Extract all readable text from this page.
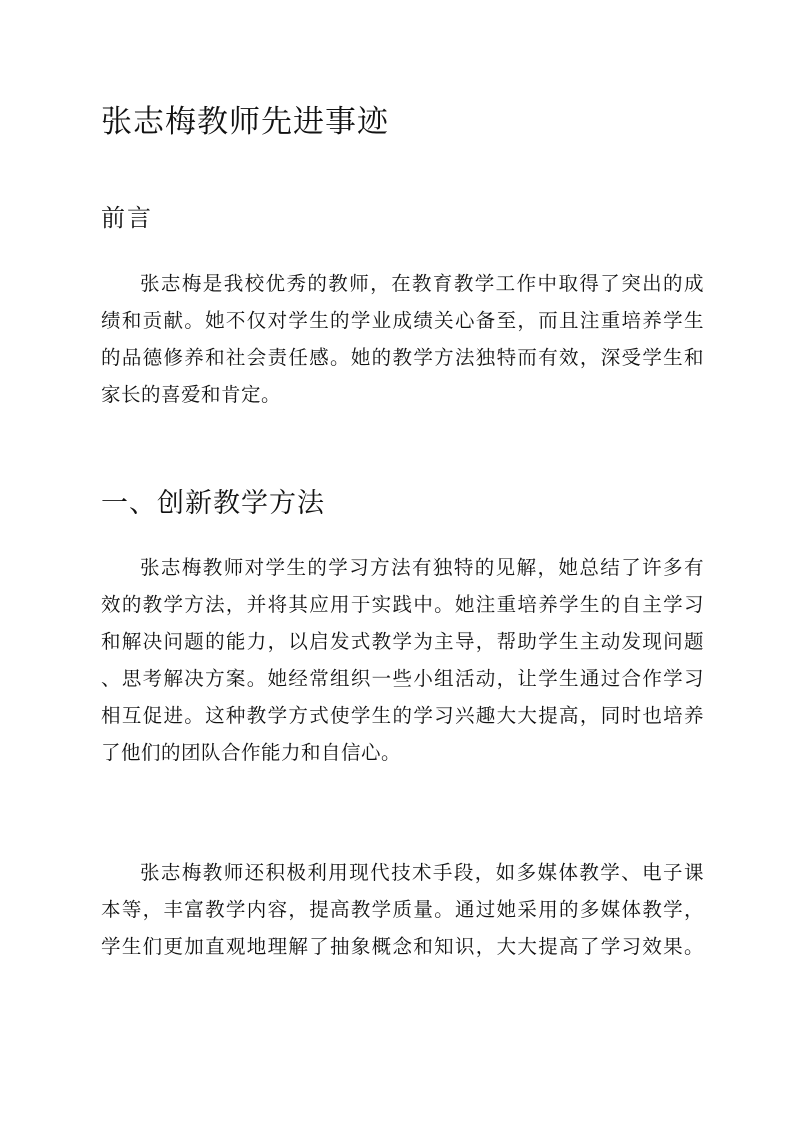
张志梅教师先进事迹
前言

张志梅是我校优秀的教师，在教育教学工作中取得了突出的成
绩和贡献。她不仅对学生的学业成绩关心备至，而且注重培养学生
的品德修养和社会责任感。她的教学方法独特而有效，深受学生和
家长的喜爱和肯定。

一、创新教学方法

张志梅教师对学生的学习方法有独特的见解，她总结了许多有
效的教学方法，并将其应用于实践中。她注重培养学生的自主学习
和解决问题的能力，以启发式教学为主导，帮助学生主动发现问题
、思考解决方案。她经常组织一些小组活动，让学生通过合作学习
相互促进。这种教学方式使学生的学习兴趣大大提高，同时也培养
了他们的团队合作能力和自信心。

张志梅教师还积极利用现代技术手段，如多媒体教学、电子课
本等，丰富教学内容，提高教学质量。通过她采用的多媒体教学，
学生们更加直观地理解了抽象概念和知识，大大提高了学习效果。
